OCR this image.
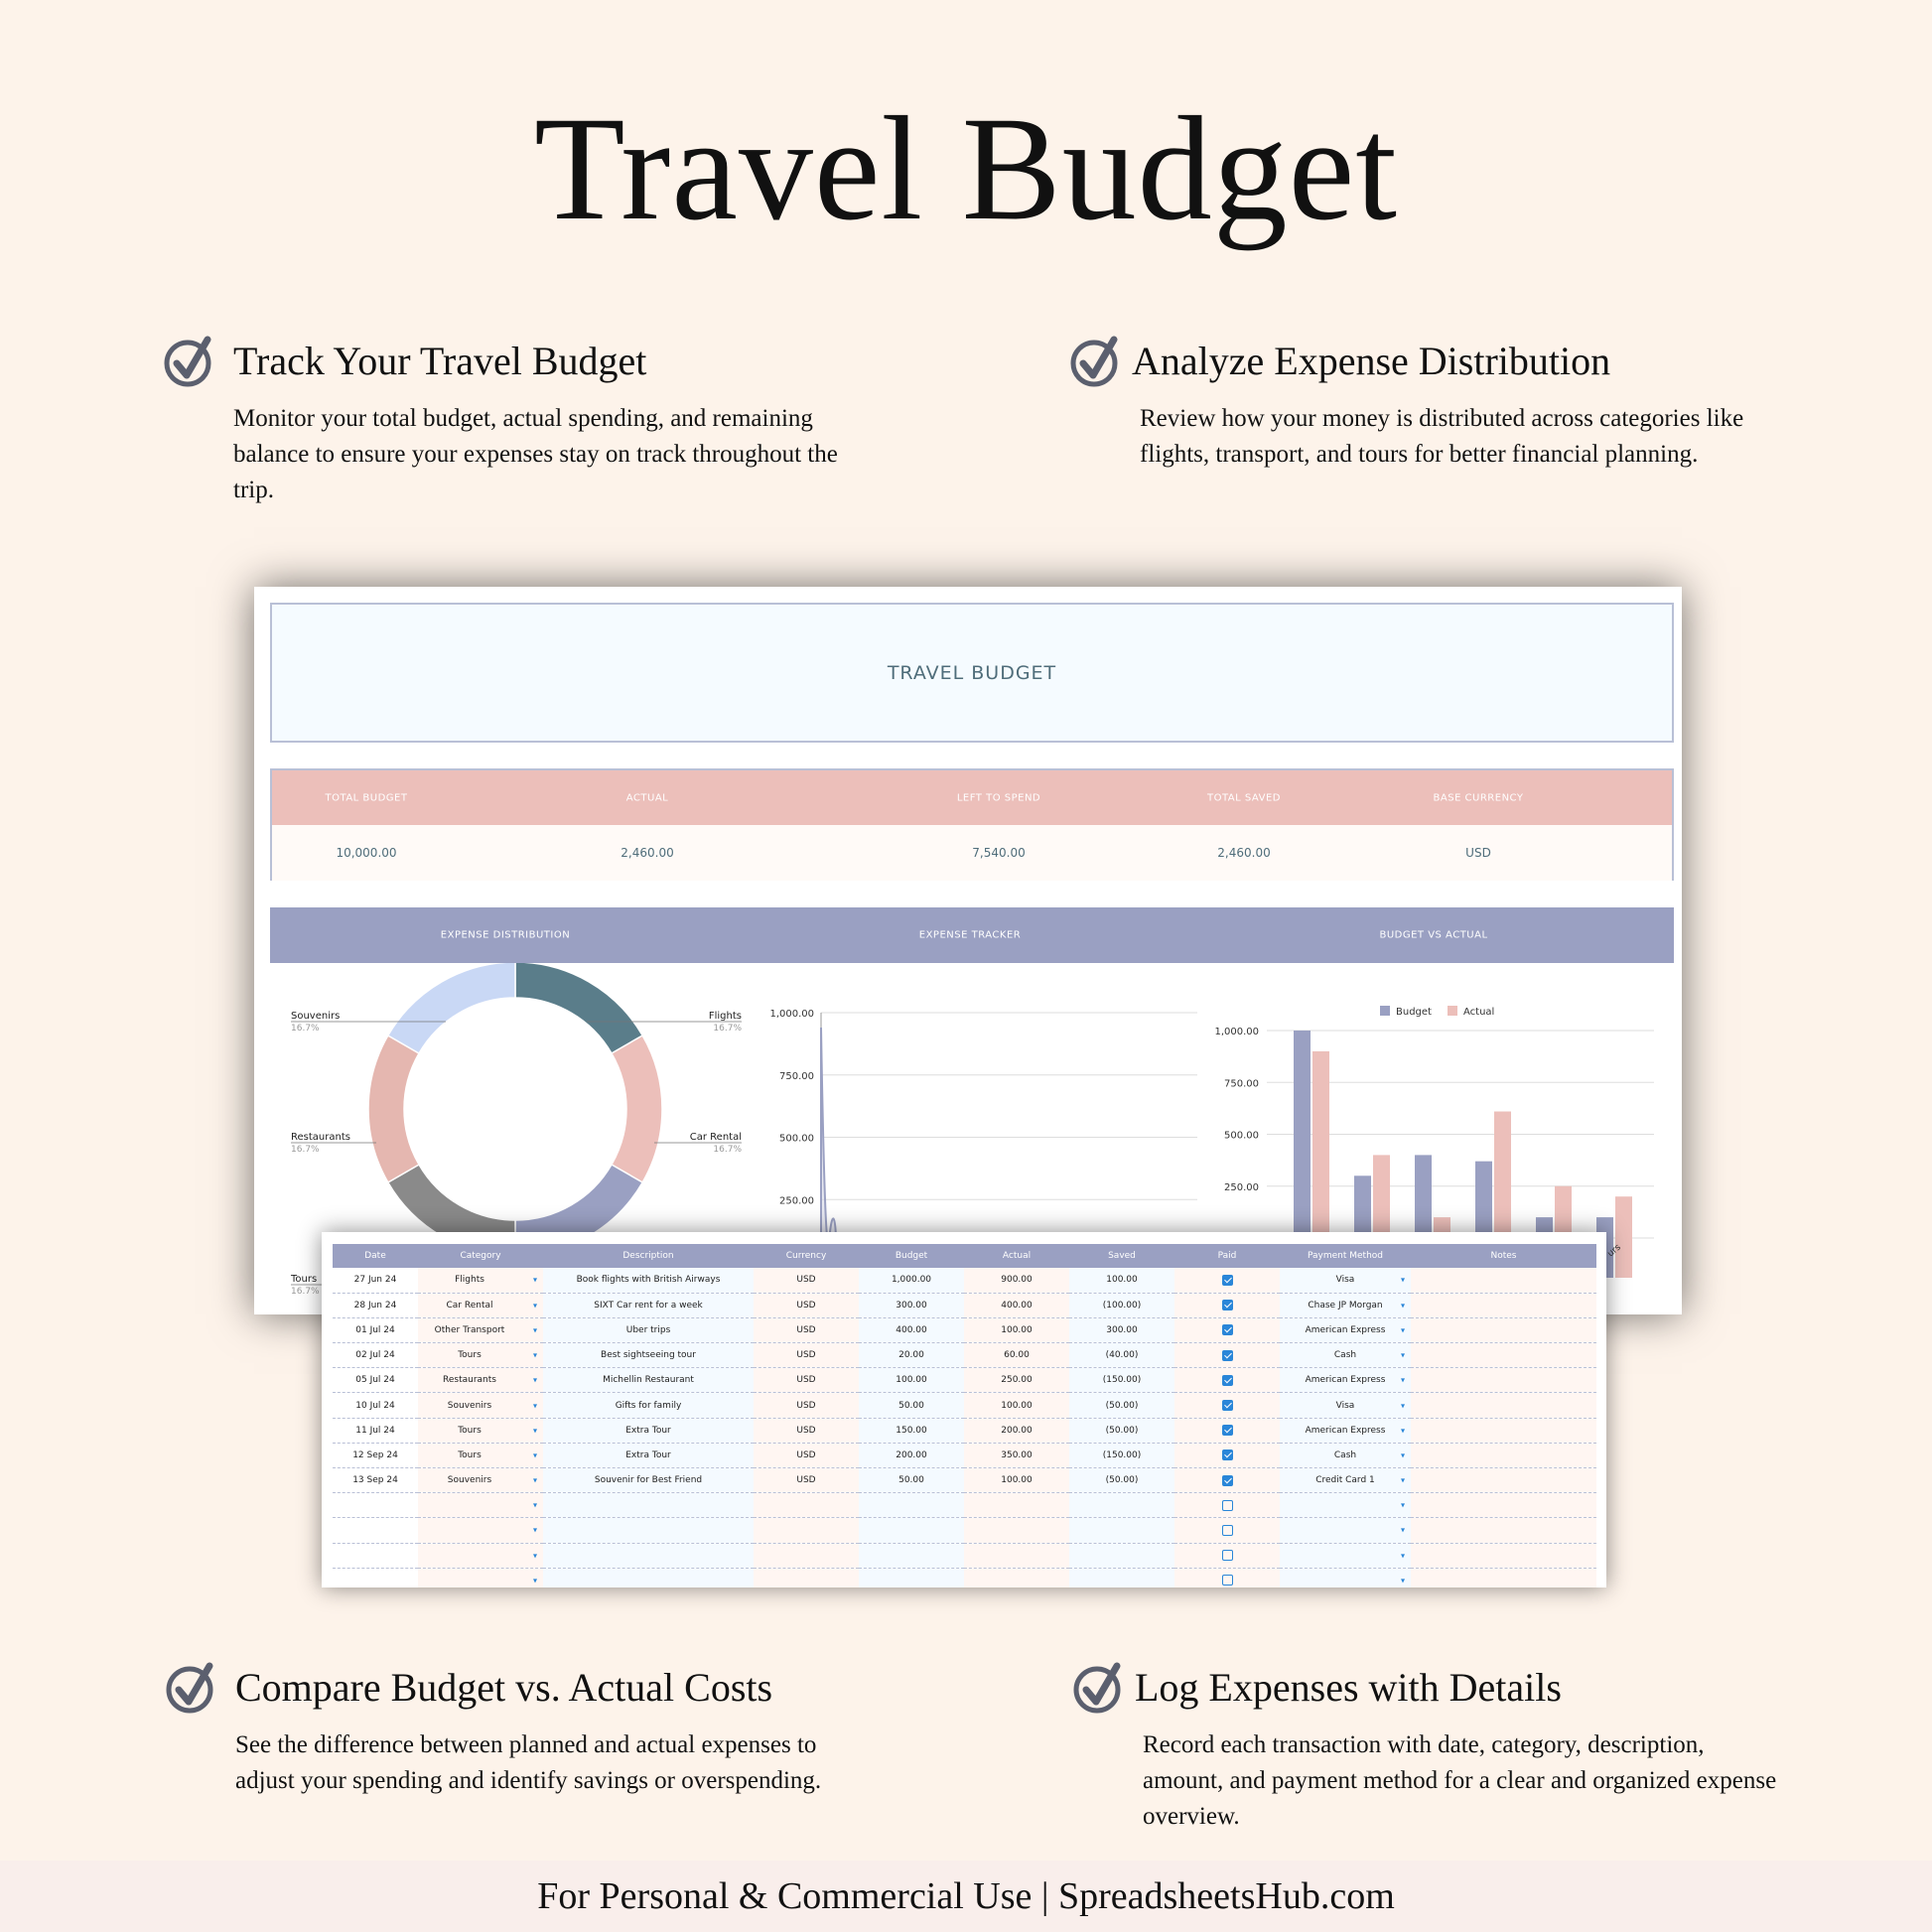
Travel Budget
Track Your Travel Budget
Monitor your total budget, actual spending, and remaining balance to ensure your expenses stay on track throughout the trip.
Analyze Expense Distribution
Review how your money is distributed across categories like flights, transport, and tours for better financial planning.
Compare Budget vs. Actual Costs
See the difference between planned and actual expenses to adjust your spending and identify savings or overspending.
Log Expenses with Details
Record each transaction with date, category, description, amount, and payment method for a clear and organized expense overview.
TRAVEL BUDGET
TOTAL BUDGET	ACTUAL	LEFT TO SPEND	TOTAL SAVED	BASE CURRENCY
10,000.00	2,460.00	7,540.00	2,460.00	USD
EXPENSE DISTRIBUTION	EXPENSE TRACKER	BUDGET VS ACTUAL
Souvenirs
16.7%
Flights
16.7%
Restaurants
16.7%
Car Rental
16.7%
Tours
16.7%
1,000.00
750.00
500.00
250.00
1,000.00
750.00
500.00
250.00
Budget	Actual
urs
Date	Category	Description	Currency	Budget	Actual	Saved	Paid	Payment Method	Notes
27 Jun 24	Flights ▾	Book flights with British Airways	USD	1,000.00	900.00	100.00		Visa ▾	

28 Jun 24	Car Rental ▾	SIXT Car rent for a week	USD	300.00	400.00	(100.00)		Chase JP Morgan ▾	

01 Jul 24	Other Transport ▾	Uber trips	USD	400.00	100.00	300.00		American Express ▾	

02 Jul 24	Tours ▾	Best sightseeing tour	USD	20.00	60.00	(40.00)		Cash ▾	

05 Jul 24	Restaurants ▾	Michellin Restaurant	USD	100.00	250.00	(150.00)		American Express ▾	

10 Jul 24	Souvenirs ▾	Gifts for family	USD	50.00	100.00	(50.00)		Visa ▾	

11 Jul 24	Tours ▾	Extra Tour	USD	150.00	200.00	(50.00)		American Express ▾	

12 Sep 24	Tours ▾	Extra Tour	USD	200.00	350.00	(150.00)		Cash ▾	

13 Sep 24	Souvenirs ▾	Souvenir for Best Friend	USD	50.00	100.00	(50.00)		Credit Card 1 ▾	

	▾							▾	

	▾							▾	

	▾							▾	

	▾							▾	

For Personal & Commercial Use | SpreadsheetsHub.com
